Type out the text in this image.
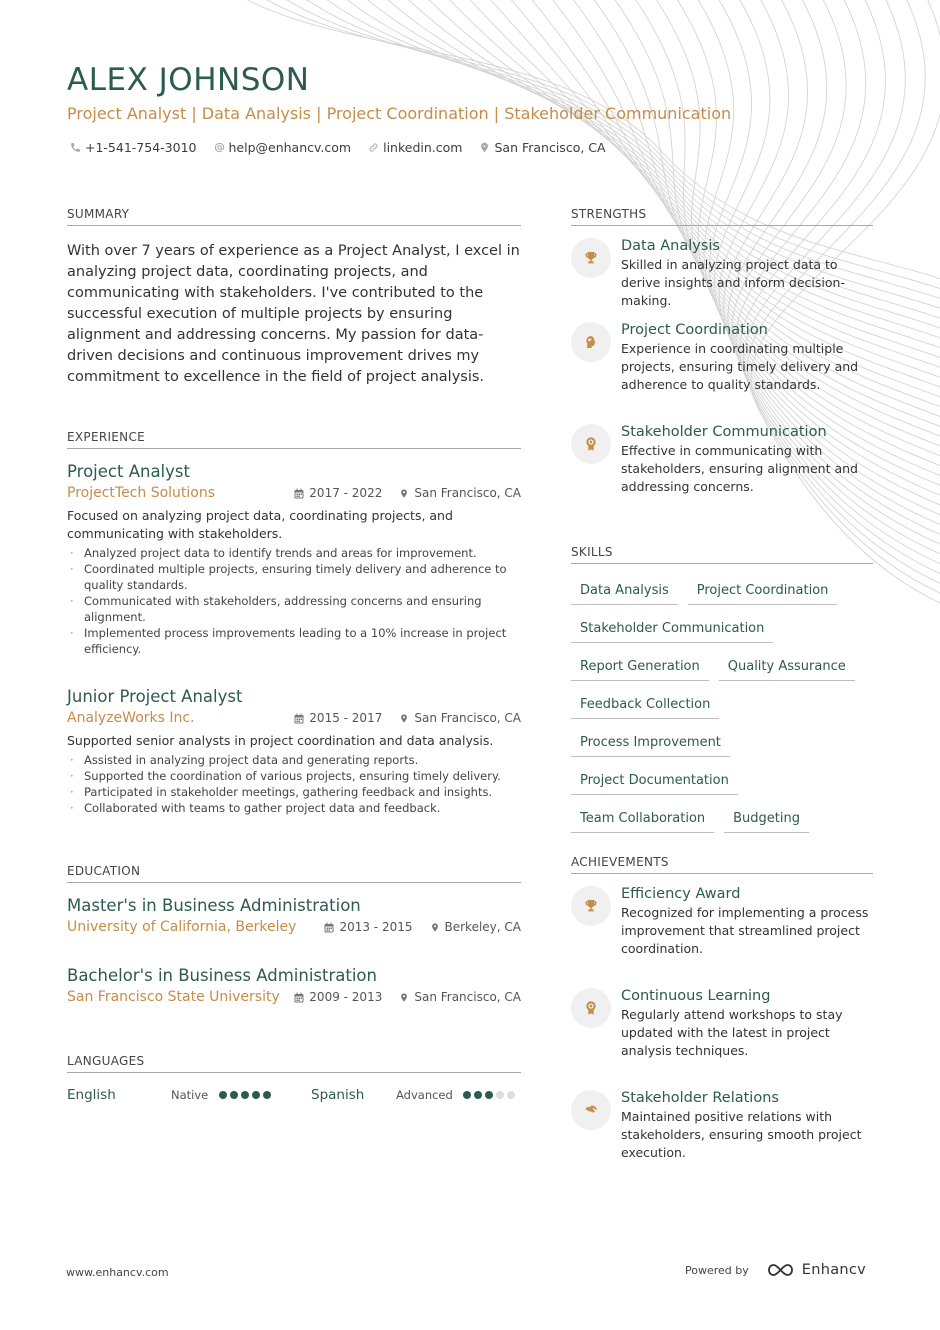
ALEX JOHNSON
Project Analyst | Data Analysis | Project Coordination | Stakeholder Communication
+1-541-754-3010	help@enhancv.com	linkedin.com	San Francisco, CA
SUMMARY

With over 7 years of experience as a Project Analyst, I excel in analyzing project data, coordinating projects, and communicating with stakeholders. I've contributed to the successful execution of multiple projects by ensuring alignment and addressing concerns. My passion for data-driven decisions and continuous improvement drives my commitment to excellence in the field of project analysis.

EXPERIENCE
Project Analyst
ProjectTech Solutions	2017 - 2022	San Francisco, CA

Focused on analyzing project data, coordinating projects, and communicating with stakeholders.

· Analyzed project data to identify trends and areas for improvement.
· Coordinated multiple projects, ensuring timely delivery and adherence to quality standards.
· Communicated with stakeholders, addressing concerns and ensuring alignment.
· Implemented process improvements leading to a 10% increase in project efficiency.
Junior Project Analyst
AnalyzeWorks Inc.	2015 - 2017	San Francisco, CA

Supported senior analysts in project coordination and data analysis.

· Assisted in analyzing project data and generating reports.
· Supported the coordination of various projects, ensuring timely delivery.
· Participated in stakeholder meetings, gathering feedback and insights.
· Collaborated with teams to gather project data and feedback.
EDUCATION
Master's in Business Administration
University of California, Berkeley	2013 - 2015	Berkeley, CA
Bachelor's in Business Administration
San Francisco State University 2009 - 2013	San Francisco, CA
LANGUAGES
English	Native	Spanish	Advanced
STRENGTHS
Data Analysis
Skilled in analyzing project data to derive insights and inform decision-making.
Project Coordination
Experience in coordinating multiple projects, ensuring timely delivery and adherence to quality standards.
Stakeholder Communication
Effective in communicating with stakeholders, ensuring alignment and addressing concerns.
SKILLS
Data Analysis	Project Coordination
Stakeholder Communication
Report Generation	Quality Assurance
Feedback Collection
Process Improvement
Project Documentation
Team Collaboration	Budgeting
ACHIEVEMENTS
Efficiency Award
Recognized for implementing a process improvement that streamlined project coordination.
Continuous Learning
Regularly attend workshops to stay updated with the latest in project analysis techniques.
Stakeholder Relations
Maintained positive relations with stakeholders, ensuring smooth project execution.
www.enhancv.com	Powered by	Enhancv
